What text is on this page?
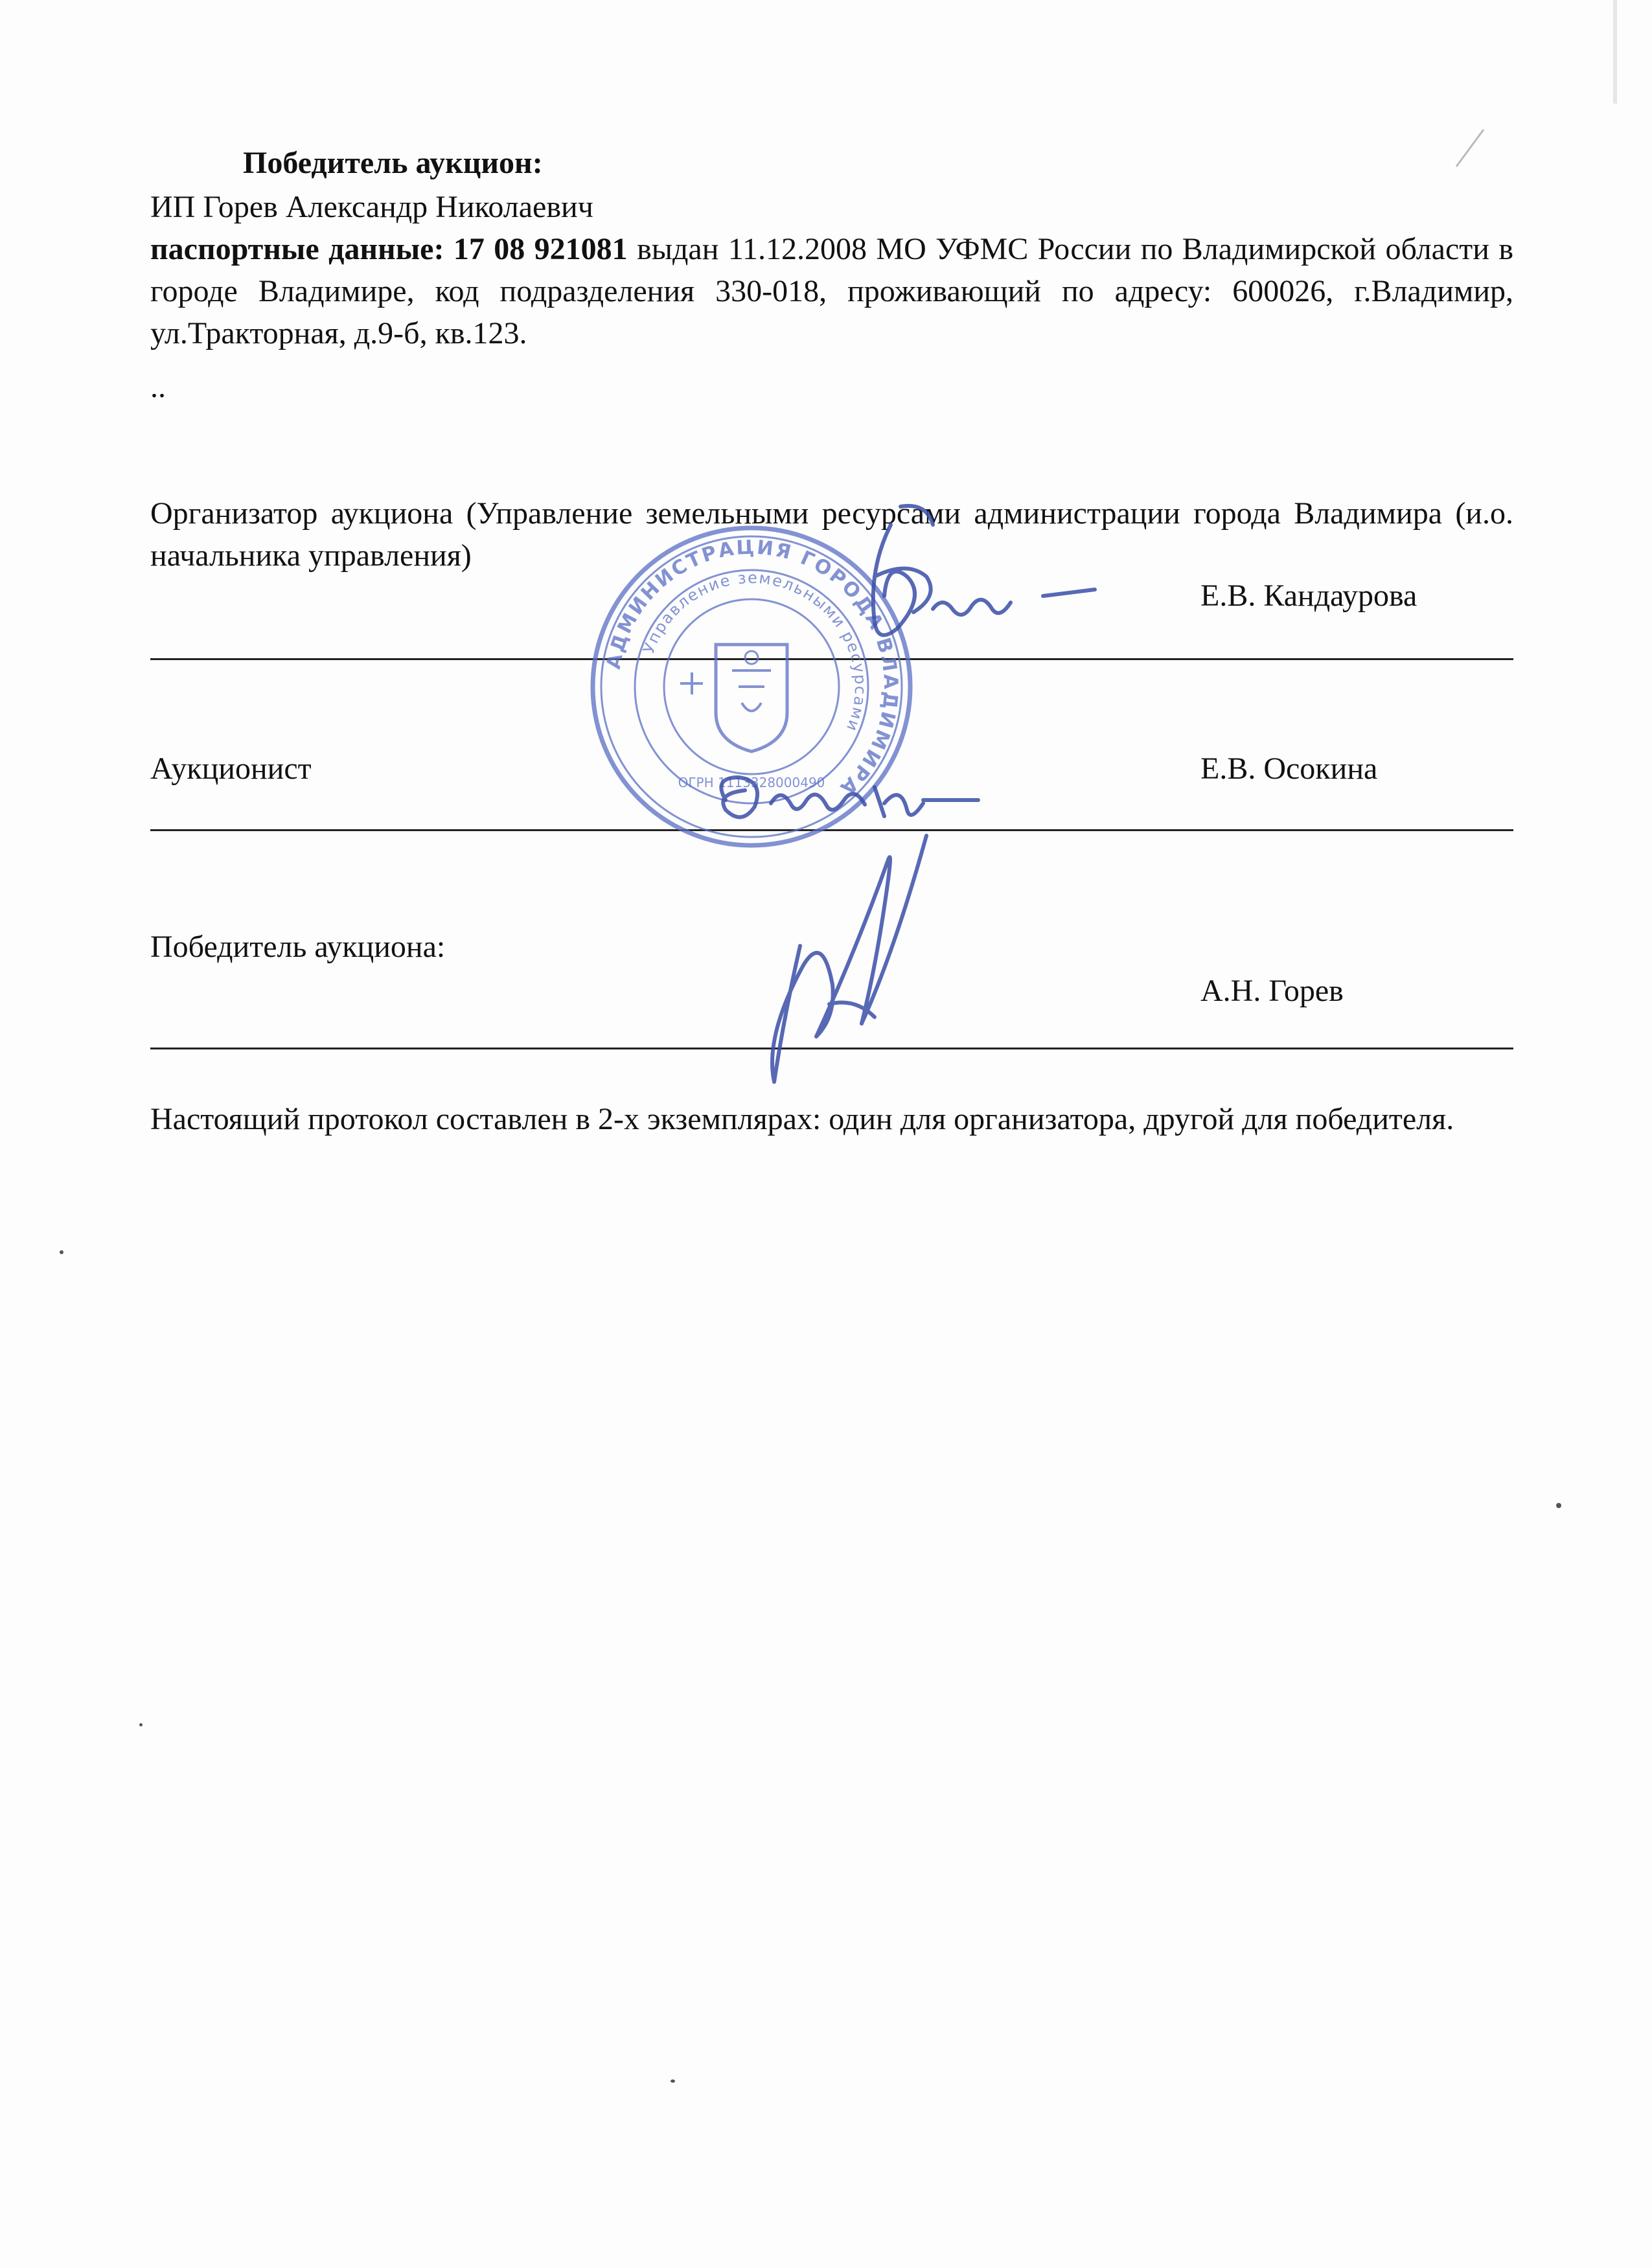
Победитель аукцион:
ИП Горев Александр Николаевич
паспортные данные: 17 08 921081 выдан 11.12.2008 МО УФМС России по Владимирской области в городе Владимире, код подразделения 330-018, проживающий по адресу: 600026, г.Владимир, ул.Тракторная, д.9-б, кв.123.
..
Организатор аукциона (Управление земельными ресурсами администрации города Владимира (и.о. начальника управления)
Е.В. Кандаурова
Аукционист	Е.В. Осокина
Победитель аукциона:
А.Н. Горев
Настоящий протокол составлен в 2-х экземплярах: один для организатора, другой для победителя.
АДМИНИСТРАЦИЯ ГОРОДА ВЛАДИМИРА
Управление земельными ресурсами
ОГРН 1113328000490
